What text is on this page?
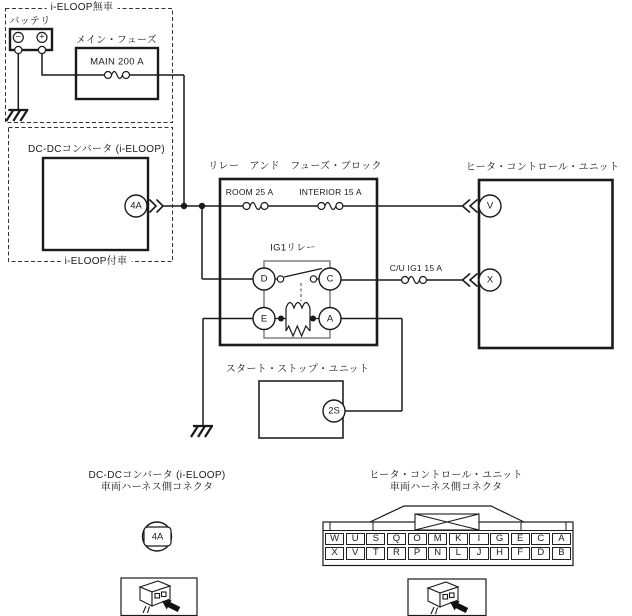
i-ELOOP無車
バッテリ
− +	メイン・フューズ
MAIN 200 A
DC-DCコンバータ (i-ELOOP)
4A
i-ELOOP付車
リレー　アンド　フューズ・ブロック
ROOM 25 A	INTERIOR 15 A
IG1リレー
D	C
E	A
C/U IG1 15 A
ヒータ・コントロール・ユニット
V
X
スタート・ストップ・ユニット
2S
DC-DCコンバータ (i-ELOOP)
車両ハーネス側コネクタ
4A
ヒータ・コントロール・ユニット
車両ハーネス側コネクタ
W	U	S	Q	O	M	K	I	G	E	C	A
X	V	T	R	P	N	L	J	H	F	D	B
